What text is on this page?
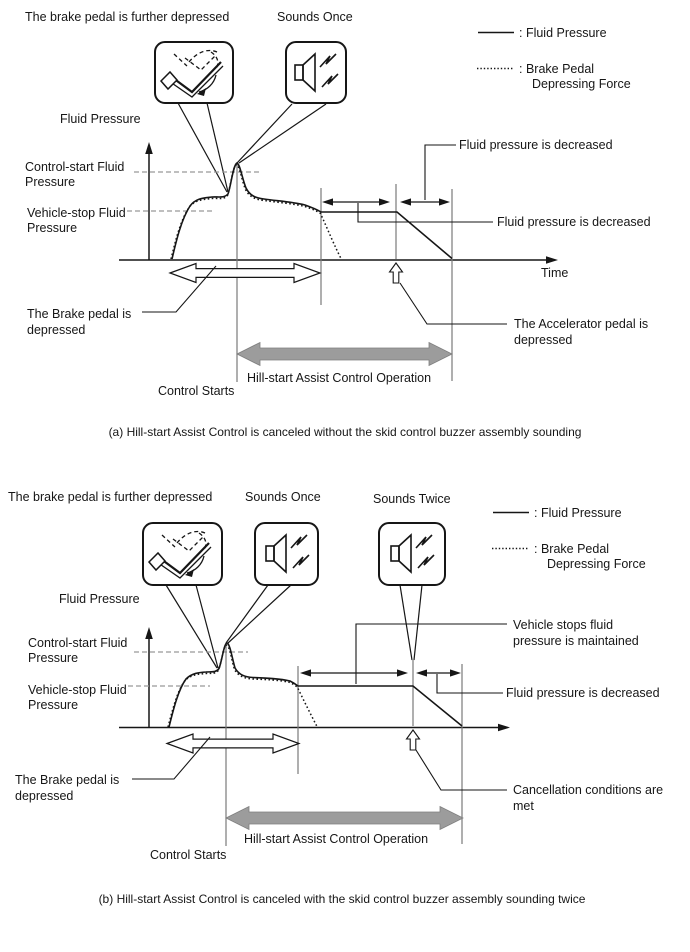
The brake pedal is further depressed	Sounds Once
: Fluid Pressure
: Brake Pedal
Depressing Force
Fluid Pressure
Time
Control-start Fluid
Pressure
Vehicle-stop Fluid
Pressure
Fluid pressure is decreased
Fluid pressure is decreased
The Brake pedal is
depressed	The Accelerator pedal is
depressed
Hill-start Assist Control Operation
Control Starts
(a) Hill-start Assist Control is canceled without the skid control buzzer assembly sounding
The brake pedal is further depressed	Sounds Once	Sounds Twice
: Fluid Pressure
: Brake Pedal
Depressing Force
Fluid Pressure
Control-start Fluid
Pressure
Vehicle-stop Fluid
Pressure
Vehicle stops fluid
pressure is maintained
Fluid pressure is decreased
The Brake pedal is
depressed	Cancellation conditions are
met
Hill-start Assist Control Operation
Control Starts
(b) Hill-start Assist Control is canceled with the skid control buzzer assembly sounding twice
